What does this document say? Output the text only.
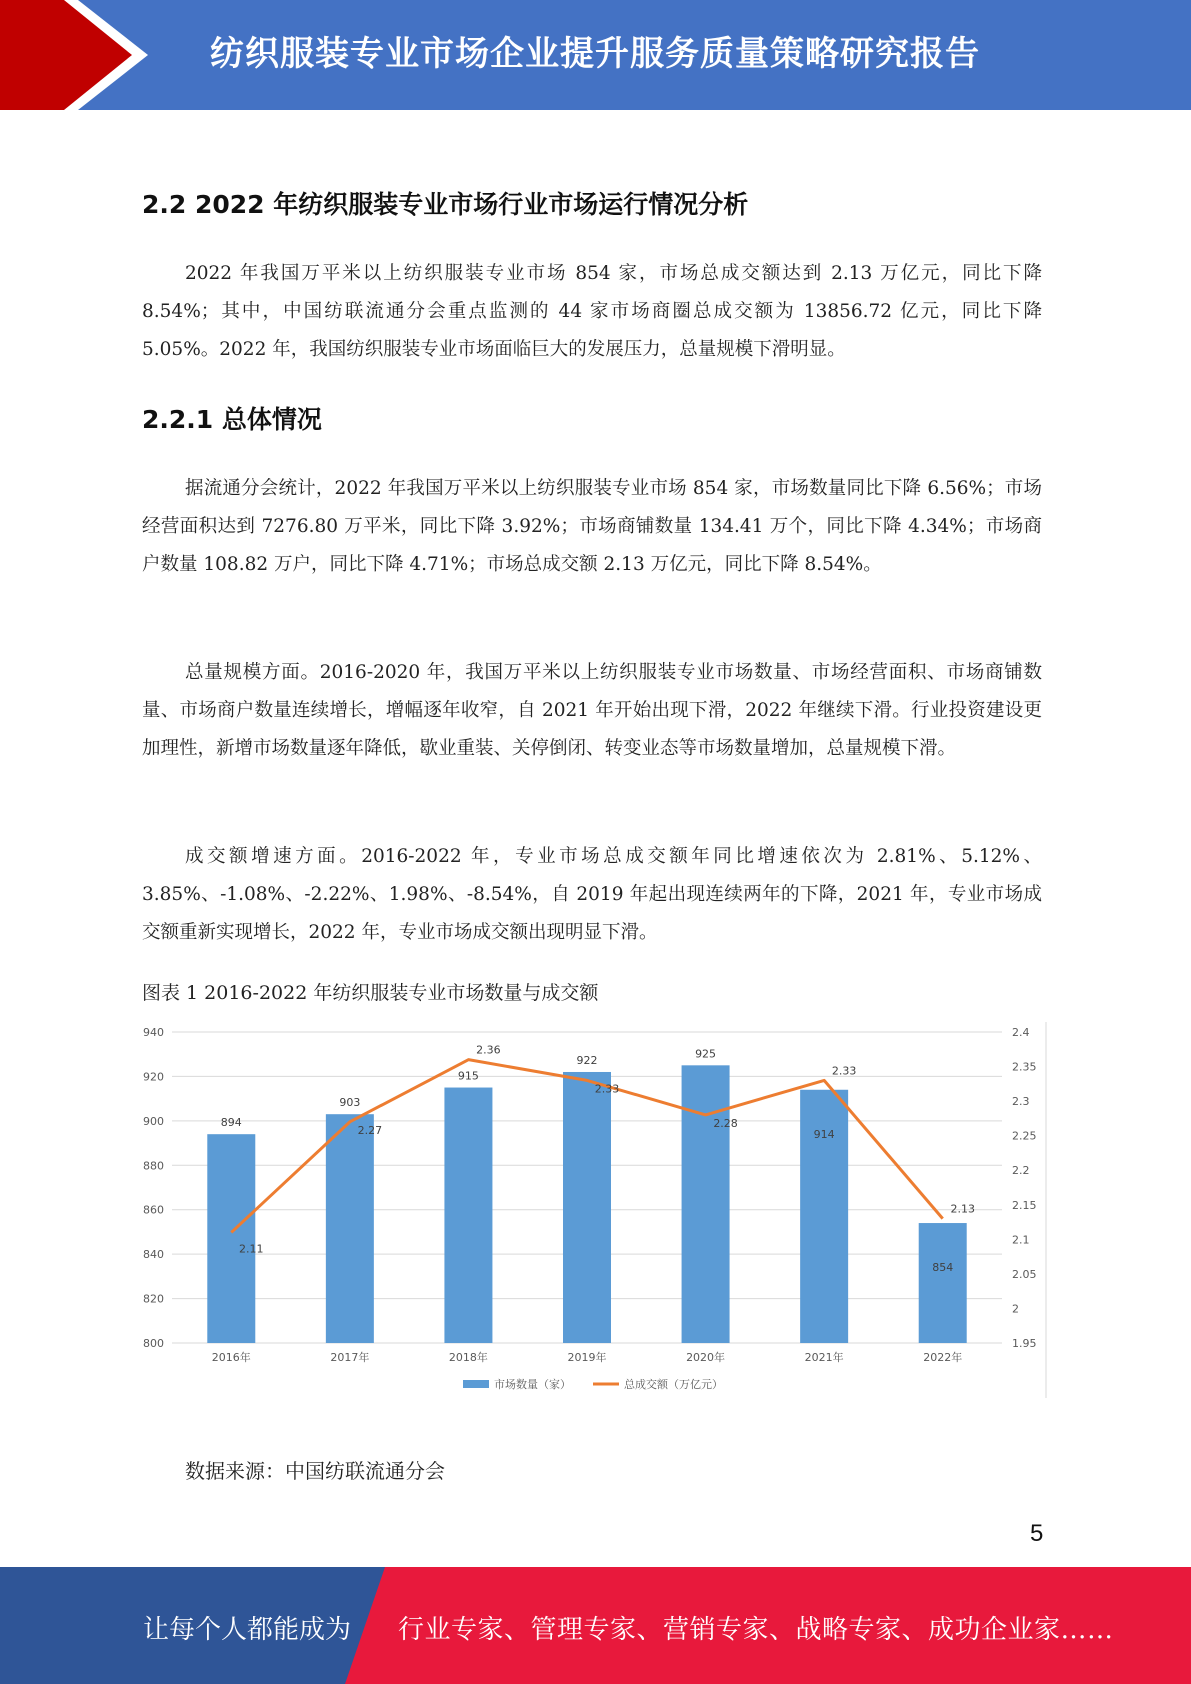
纺织服装专业市场企业提升服务质量策略研究报告
2.2 2022 年纺织服装专业市场行业市场运行情况分析

2022 年我国万平米以上纺织服装专业市场 854 家，市场总成交额达到 2.13 万亿元，同比下降 8.54%；其中，中国纺联流通分会重点监测的 44 家市场商圈总成交额为 13856.72 亿元，同比下降 5.05%。2022 年，我国纺织服装专业市场面临巨大的发展压力，总量规模下滑明显。

2.2.1 总体情况

据流通分会统计，2022 年我国万平米以上纺织服装专业市场 854 家，市场数量同比下降 6.56%；市场经营面积达到 7276.80 万平米，同比下降 3.92%；市场商铺数量 134.41 万个，同比下降 4.34%；市场商户数量 108.82 万户，同比下降 4.71%；市场总成交额 2.13 万亿元，同比下降 8.54%。

总量规模方面。2016-2020 年，我国万平米以上纺织服装专业市场数量、市场经营面积、市场商铺数量、市场商户数量连续增长，增幅逐年收窄，自 2021 年开始出现下滑，2022 年继续下滑。行业投资建设更加理性，新增市场数量逐年降低，歇业重装、关停倒闭、转变业态等市场数量增加，总量规模下滑。

成交额增速方面。2016-2022 年，专业市场总成交额年同比增速依次为 2.81%、5.12%、3.85%、-1.08%、-2.22%、1.98%、-8.54%，自 2019 年起出现连续两年的下降，2021 年，专业市场成交额重新实现增长，2022 年，专业市场成交额出现明显下滑。

图表 1 2016-2022 年纺织服装专业市场数量与成交额
800
820
840
860
880
900
920
940
1.95
2
2.05
2.1
2.15
2.2
2.25
2.3
2.35
2.4
894
903
915
922
925
914
854
2.11
2.27
2.36
2.33
2.28
2.33
2.13
2016年	2017年	2018年	2019年	2020年	2021年	2022年
市场数量（家）	总成交额（万亿元）
数据来源：中国纺联流通分会
5
让每个人都能成为 行业专家、管理专家、营销专家、战略专家、成功企业家……
